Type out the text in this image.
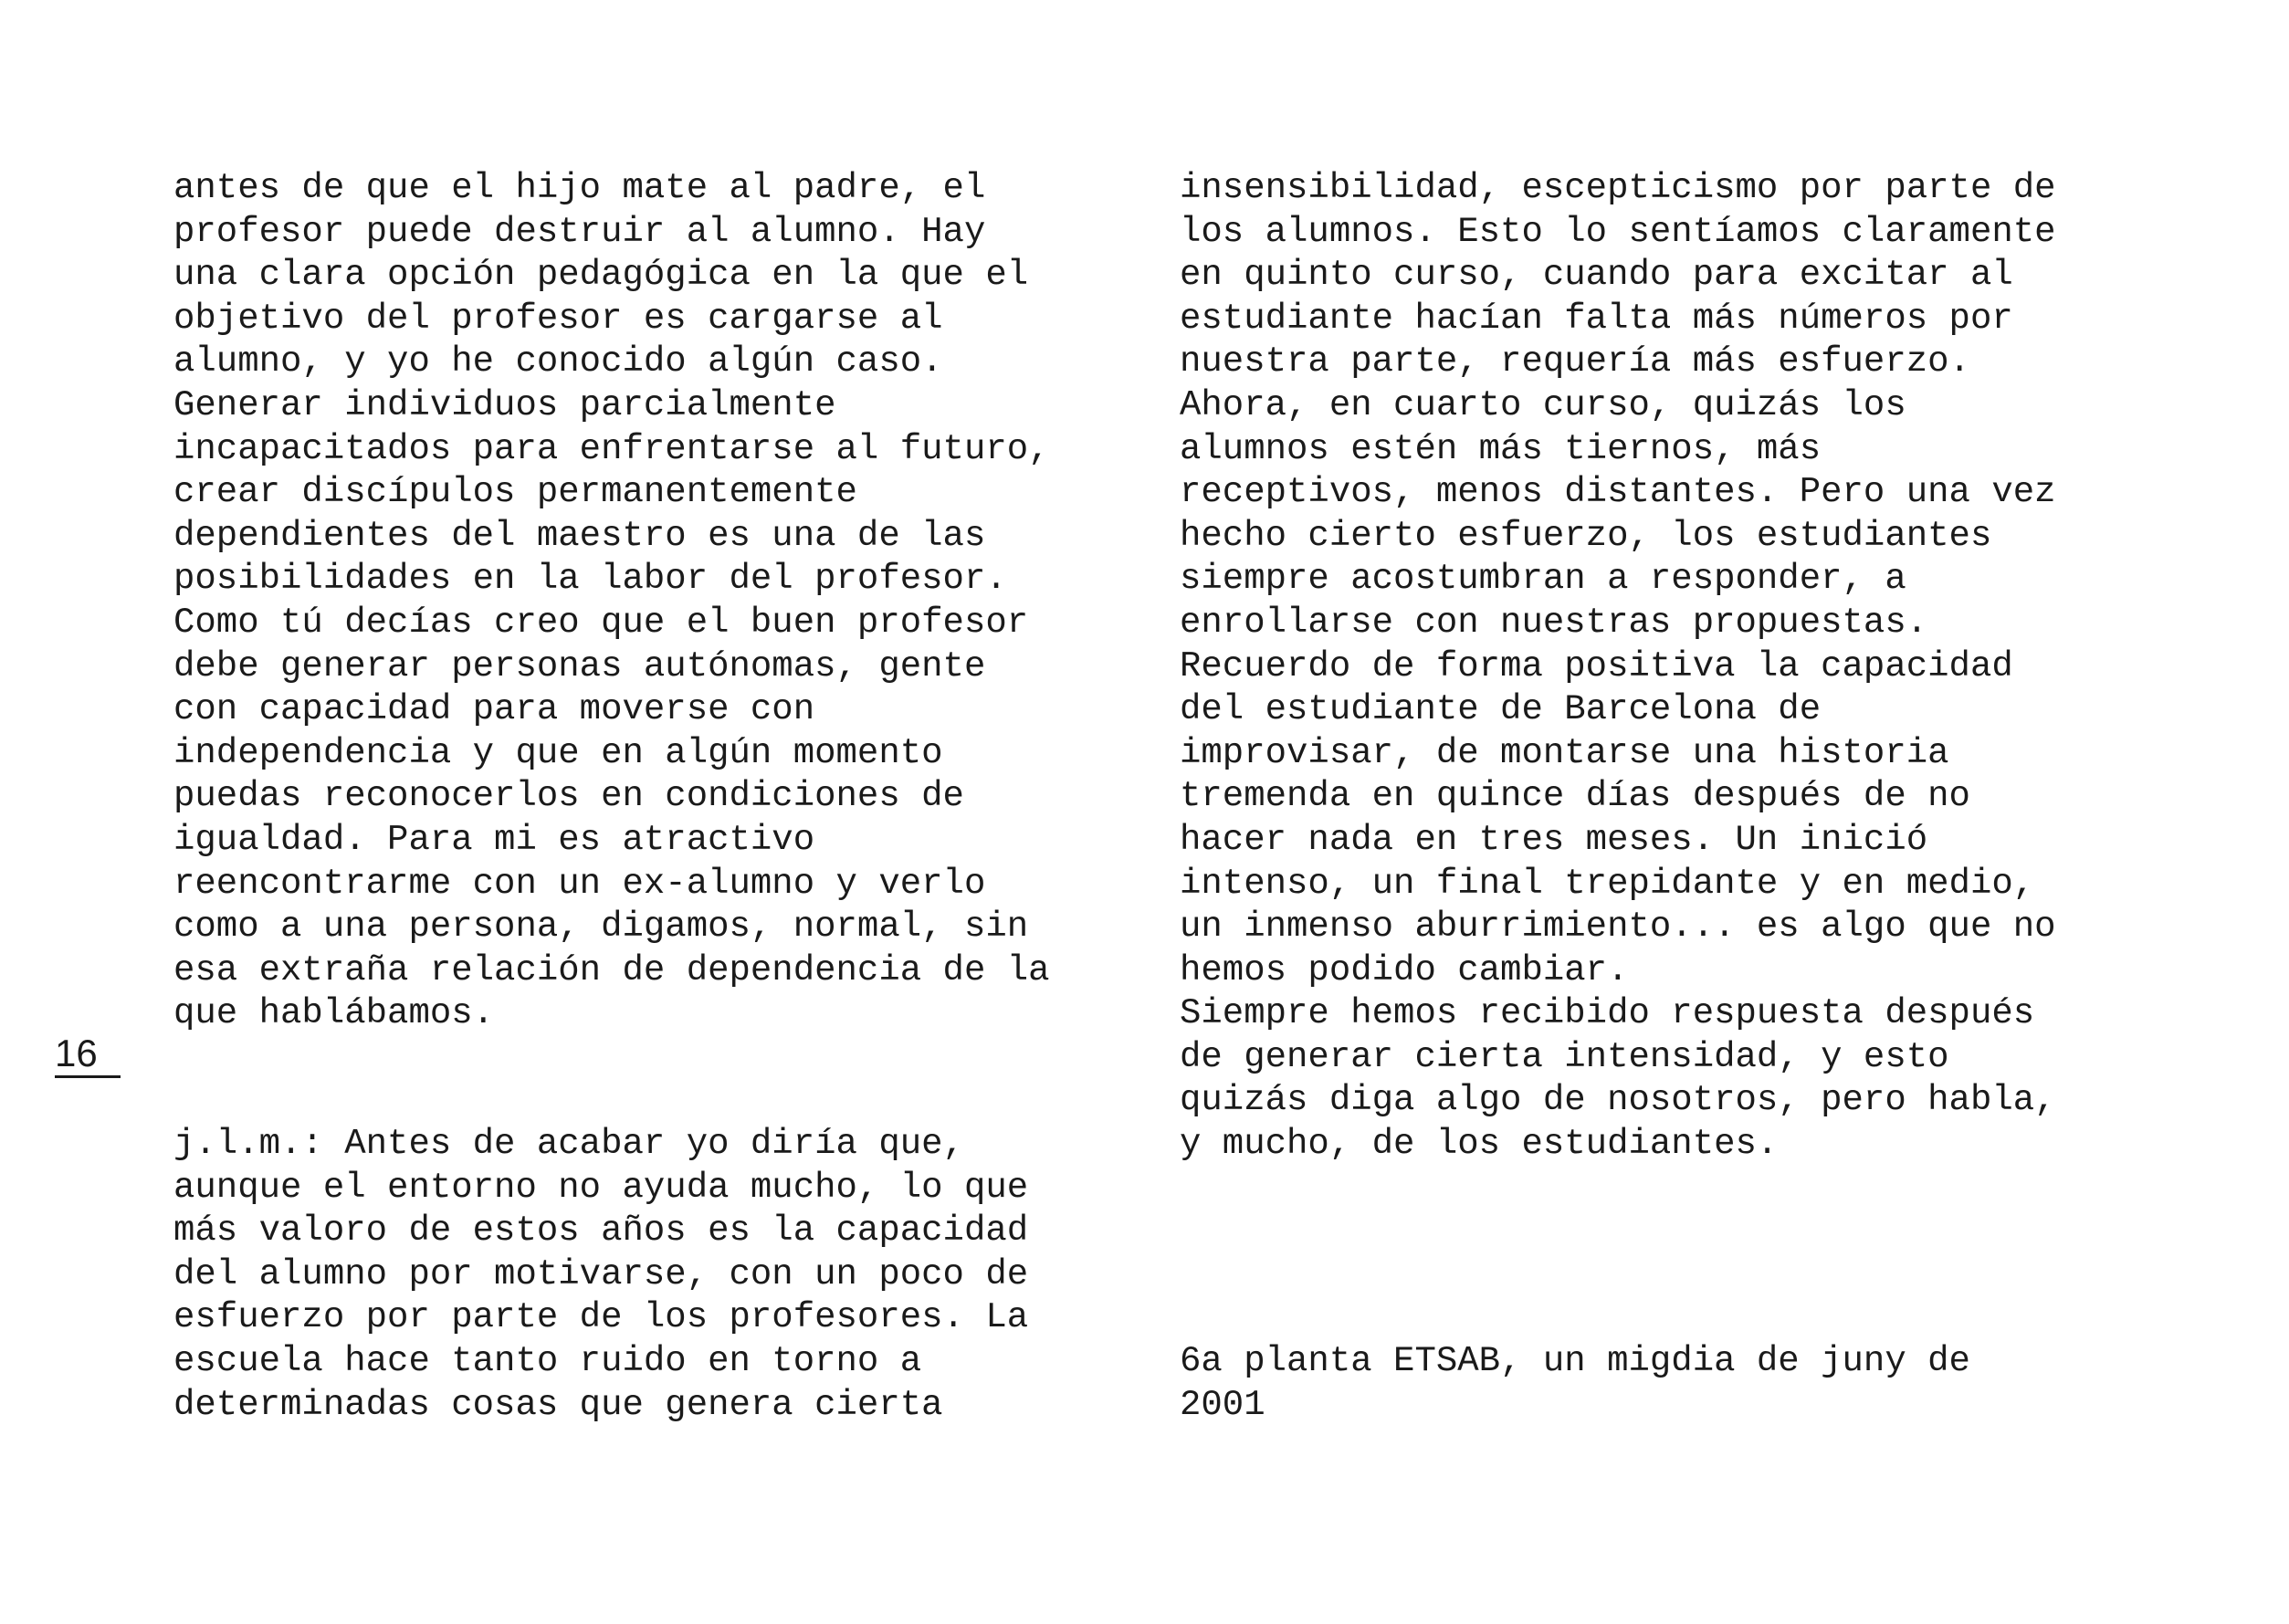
antes de que el hijo mate al padre, el
profesor puede destruir al alumno. Hay
una clara opción pedagógica en la que el
objetivo del profesor es cargarse al
alumno, y yo he conocido algún caso.
Generar individuos parcialmente
incapacitados para enfrentarse al futuro,
crear discípulos permanentemente
dependientes del maestro es una de las
posibilidades en la labor del profesor.
Como tú decías creo que el buen profesor
debe generar personas autónomas, gente
con capacidad para moverse con
independencia y que en algún momento
puedas reconocerlos en condiciones de
igualdad. Para mi es atractivo
reencontrarme con un ex-alumno y verlo
como a una persona, digamos, normal, sin
esa extraña relación de dependencia de la
que hablábamos.
j.l.m.: Antes de acabar yo diría que,
aunque el entorno no ayuda mucho, lo que
más valoro de estos años es la capacidad
del alumno por motivarse, con un poco de
esfuerzo por parte de los profesores. La
escuela hace tanto ruido en torno a
determinadas cosas que genera cierta
insensibilidad, escepticismo por parte de
los alumnos. Esto lo sentíamos claramente
en quinto curso, cuando para excitar al
estudiante hacían falta más números por
nuestra parte, requería más esfuerzo.
Ahora, en cuarto curso, quizás los
alumnos estén más tiernos, más
receptivos, menos distantes. Pero una vez
hecho cierto esfuerzo, los estudiantes
siempre acostumbran a responder, a
enrollarse con nuestras propuestas.
Recuerdo de forma positiva la capacidad
del estudiante de Barcelona de
improvisar, de montarse una historia
tremenda en quince días después de no
hacer nada en tres meses. Un inició
intenso, un final trepidante y en medio,
un inmenso aburrimiento... es algo que no
hemos podido cambiar.
Siempre hemos recibido respuesta después
de generar cierta intensidad, y esto
quizás diga algo de nosotros, pero habla,
y mucho, de los estudiantes.
6a planta ETSAB, un migdia de juny de
2001
16
